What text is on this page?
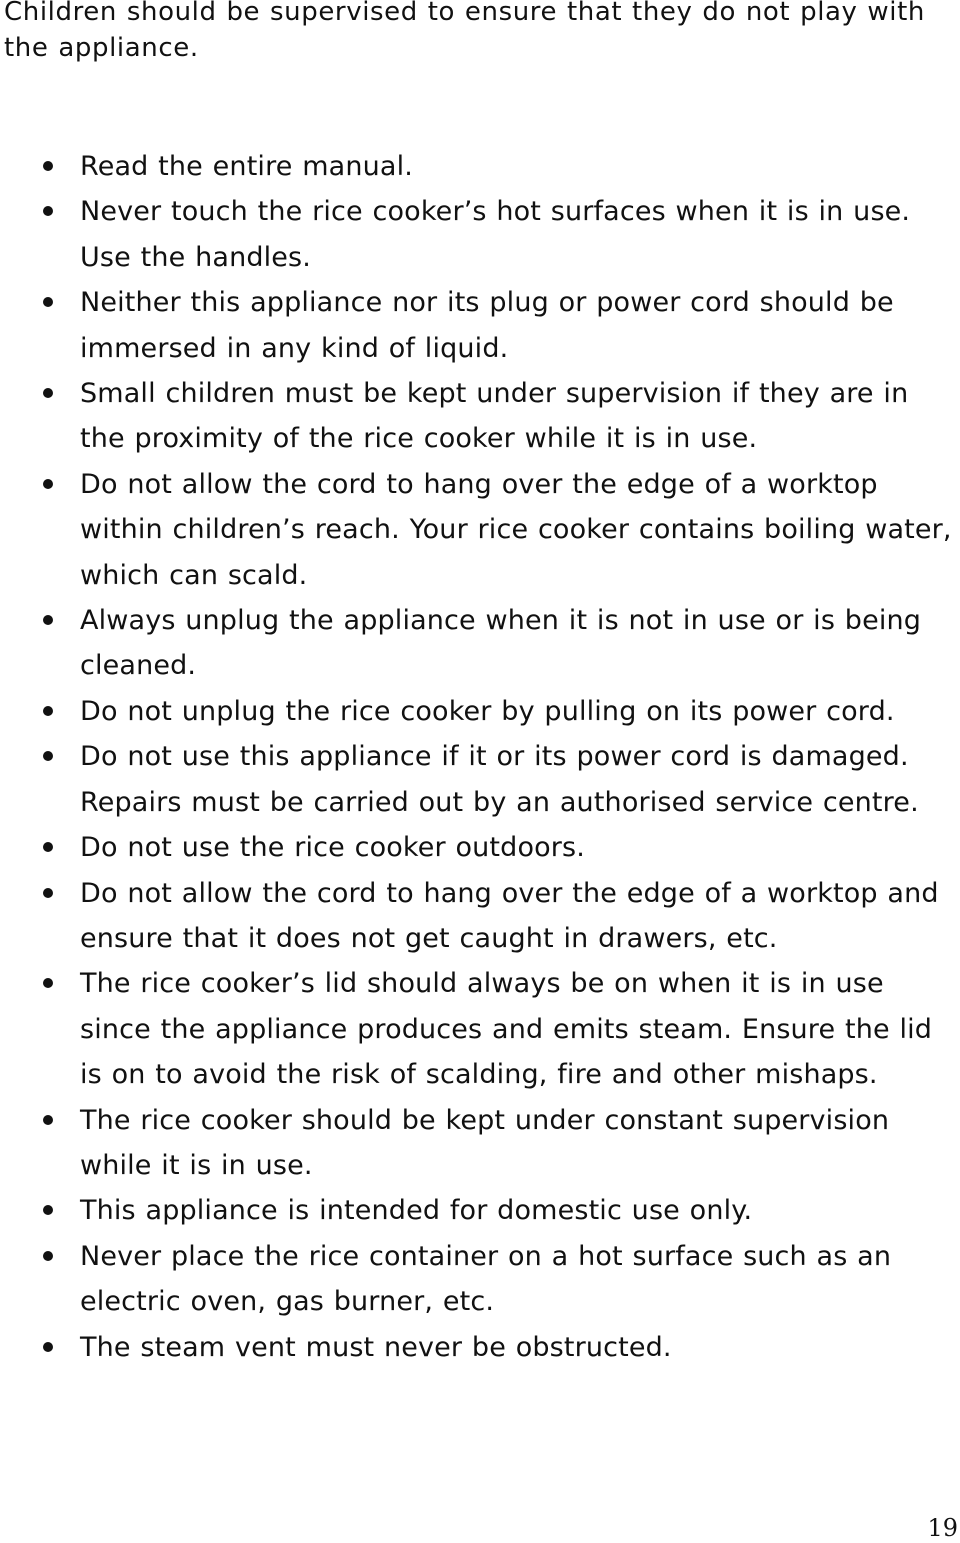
Children should be supervised to ensure that they do not play with the appliance.

Read the entire manual.
Never touch the rice cooker’s hot surfaces when it is in use. Use the handles.
Neither this appliance nor its plug or power cord should be immersed in any kind of liquid.
Small children must be kept under supervision if they are in the proximity of the rice cooker while it is in use.
Do not allow the cord to hang over the edge of a worktop within children’s reach. Your rice cooker contains boiling water, which can scald.
Always unplug the appliance when it is not in use or is being cleaned.
Do not unplug the rice cooker by pulling on its power cord.
Do not use this appliance if it or its power cord is damaged. Repairs must be carried out by an authorised service centre.
Do not use the rice cooker outdoors.
Do not allow the cord to hang over the edge of a worktop and ensure that it does not get caught in drawers, etc.
The rice cooker’s lid should always be on when it is in use since the appliance produces and emits steam. Ensure the lid is on to avoid the risk of scalding, fire and other mishaps.
The rice cooker should be kept under constant supervision while it is in use.
This appliance is intended for domestic use only.
Never place the rice container on a hot surface such as an electric oven, gas burner, etc.
The steam vent must never be obstructed.
19
